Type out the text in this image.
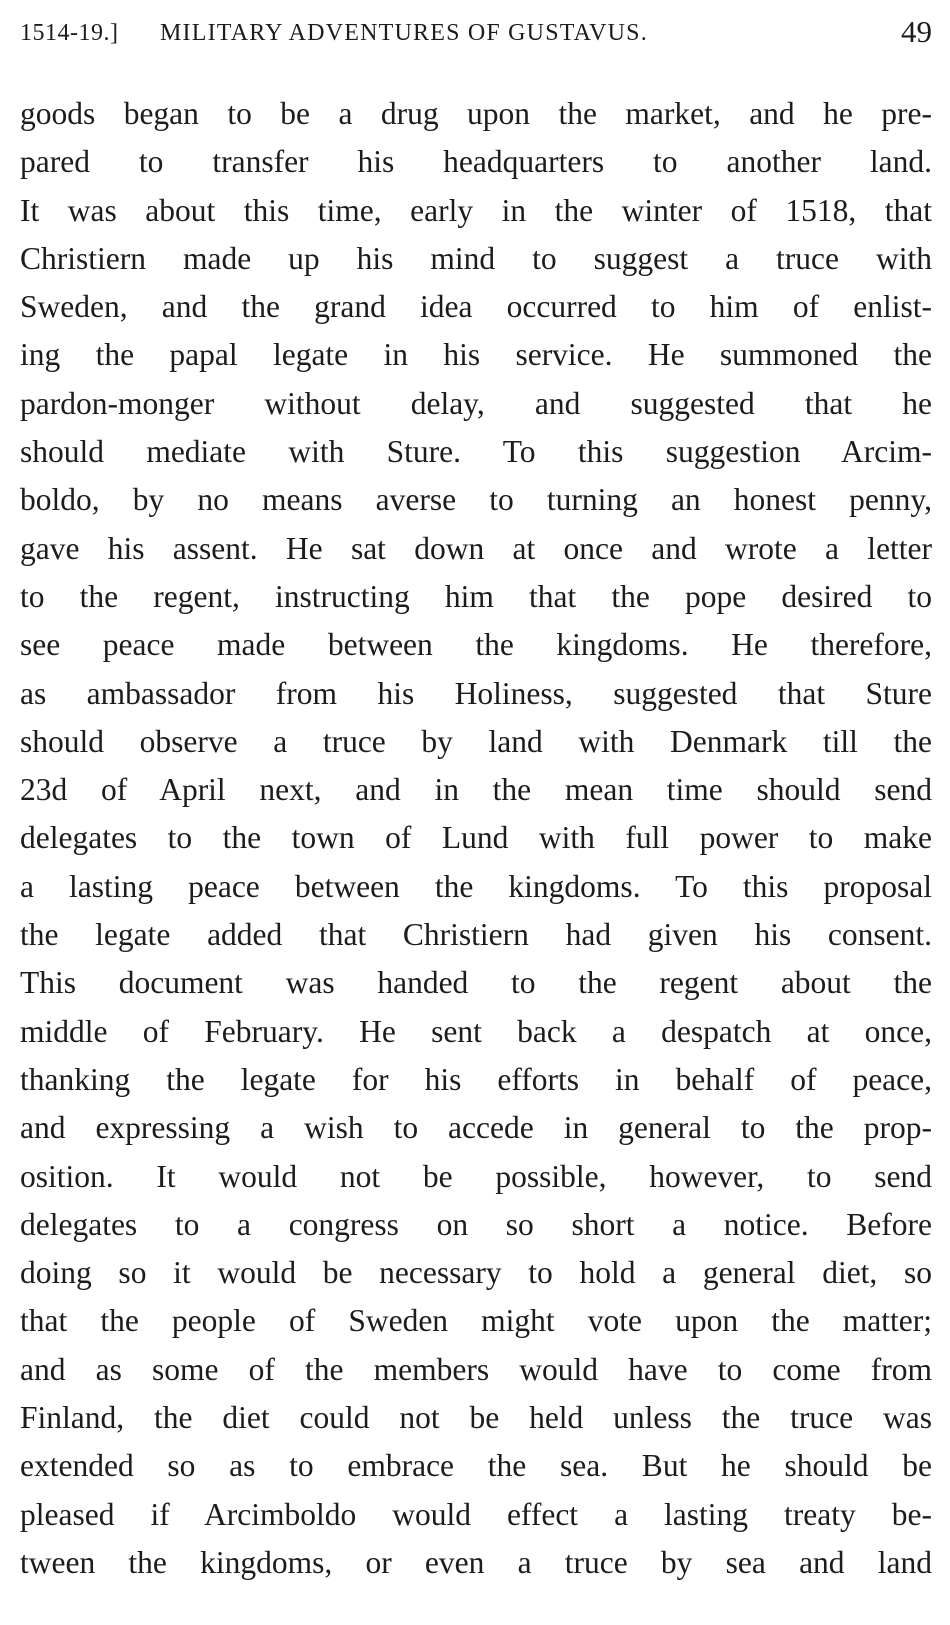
1514-19.] MILITARY ADVENTURES OF GUSTAVUS.	49
goods began to be a drug upon the market, and he pre-
pared to transfer his headquarters to another land.
It was about this time, early in the winter of 1518, that
Christiern made up his mind to suggest a truce with
Sweden, and the grand idea occurred to him of enlist-
ing the papal legate in his service. He summoned the
pardon-monger without delay, and suggested that he
should mediate with Sture. To this suggestion Arcim-
boldo, by no means averse to turning an honest penny,
gave his assent. He sat down at once and wrote a letter
to the regent, instructing him that the pope desired to
see peace made between the kingdoms. He therefore,
as ambassador from his Holiness, suggested that Sture
should observe a truce by land with Denmark till the
23d of April next, and in the mean time should send
delegates to the town of Lund with full power to make
a lasting peace between the kingdoms. To this proposal
the legate added that Christiern had given his consent.
This document was handed to the regent about the
middle of February. He sent back a despatch at once,
thanking the legate for his efforts in behalf of peace,
and expressing a wish to accede in general to the prop-
osition. It would not be possible, however, to send
delegates to a congress on so short a notice. Before
doing so it would be necessary to hold a general diet, so
that the people of Sweden might vote upon the matter;
and as some of the members would have to come from
Finland, the diet could not be held unless the truce was
extended so as to embrace the sea. But he should be
pleased if Arcimboldo would effect a lasting treaty be-
tween the kingdoms, or even a truce by sea and land
